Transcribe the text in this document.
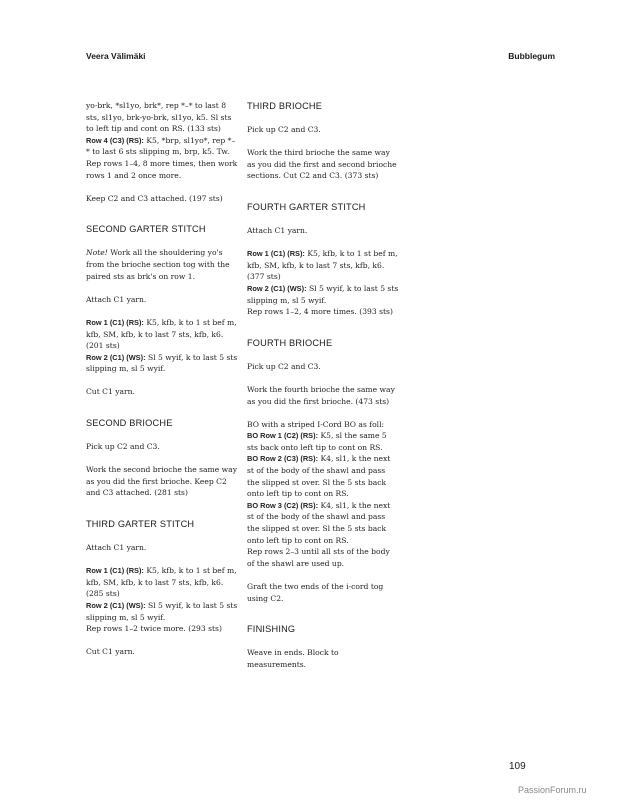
Veera Välimäki	Bubblegum

yo-brk, *sl1yo, brk*, rep *–* to last 8 sts, sl1yo, brk-yo-brk, sl1yo, k5. Sl sts to left tip and cont on RS. (133 sts)

Row 4 (C3) (RS): K5, *brp, sl1yo*, rep *–* to last 6 sts slipping m, brp, k5. Tw. Rep rows 1–4, 8 more times, then work rows 1 and 2 once more.

Keep C2 and C3 attached. (197 sts)

SECOND GARTER STITCH

Note! Work all the shouldering yo's from the brioche section tog with the paired sts as brk's on row 1.

Attach C1 yarn.

Row 1 (C1) (RS): K5, kfb, k to 1 st bef m, kfb, SM, kfb, k to last 7 sts, kfb, k6. (201 sts)

Row 2 (C1) (WS): Sl 5 wyif, k to last 5 sts slipping m, sl 5 wyif.

Cut C1 yarn.

SECOND BRIOCHE

Pick up C2 and C3.

Work the second brioche the same way as you did the first brioche. Keep C2 and C3 attached. (281 sts)

THIRD GARTER STITCH

Attach C1 yarn.

Row 1 (C1) (RS): K5, kfb, k to 1 st bef m, kfb, SM, kfb, k to last 7 sts, kfb, k6. (285 sts)

Row 2 (C1) (WS): Sl 5 wyif, k to last 5 sts slipping m, sl 5 wyif.

Rep rows 1–2 twice more. (293 sts)

Cut C1 yarn.

THIRD BRIOCHE

Pick up C2 and C3.

Work the third brioche the same way as you did the first and second brioche sections. Cut C2 and C3. (373 sts)

FOURTH GARTER STITCH

Attach C1 yarn.

Row 1 (C1) (RS): K5, kfb, k to 1 st bef m, kfb, SM, kfb, k to last 7 sts, kfb, k6. (377 sts)

Row 2 (C1) (WS): Sl 5 wyif, k to last 5 sts slipping m, sl 5 wyif.

Rep rows 1–2, 4 more times. (393 sts)

FOURTH BRIOCHE

Pick up C2 and C3.

Work the fourth brioche the same way as you did the first brioche. (473 sts)

BO with a striped I-Cord BO as foll:

BO Row 1 (C2) (RS): K5, sl the same 5 sts back onto left tip to cont on RS.

BO Row 2 (C3) (RS): K4, sl1, k the next st of the body of the shawl and pass the slipped st over. Sl the 5 sts back onto left tip to cont on RS.

BO Row 3 (C2) (RS): K4, sl1, k the next st of the body of the shawl and pass the slipped st over. Sl the 5 sts back onto left tip to cont on RS.

Rep rows 2–3 until all sts of the body of the shawl are used up.

Graft the two ends of the i-cord tog using C2.

FINISHING

Weave in ends. Block to measurements.

109
PassionForum.ru
